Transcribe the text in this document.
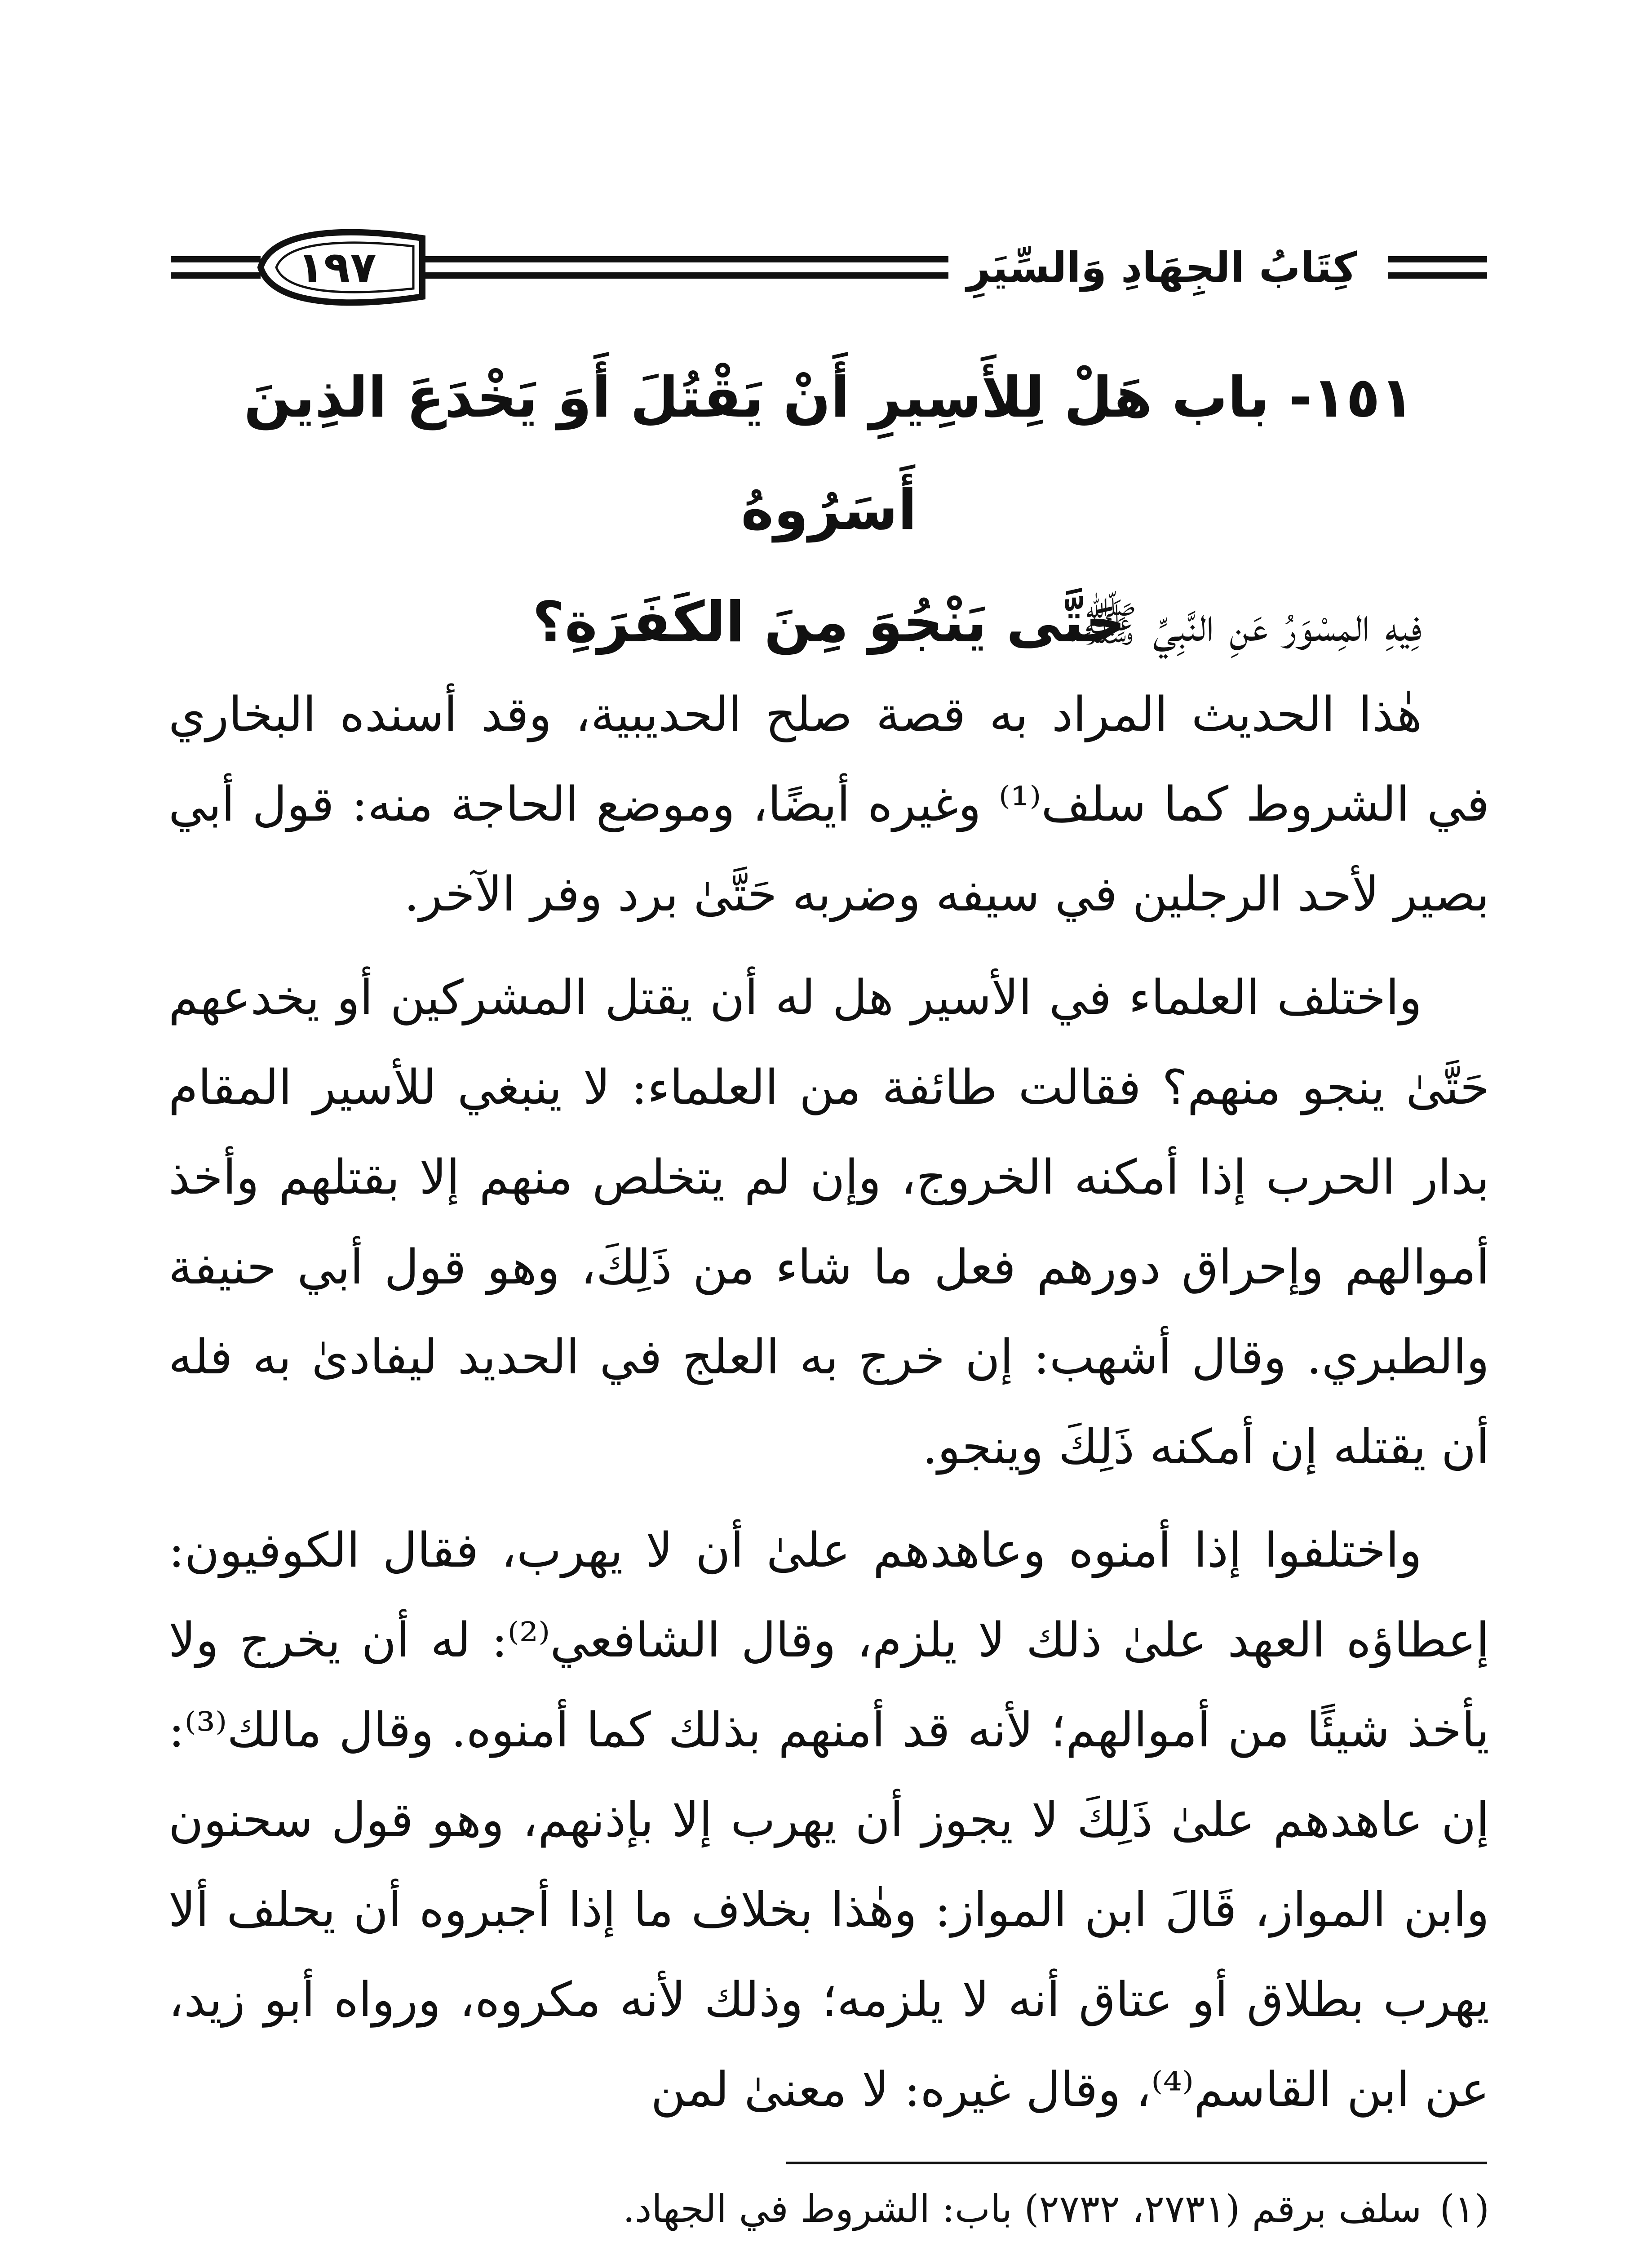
١٩٧	كِتَابُ الجِهَادِ وَالسِّيَرِ
١٥١- باب هَلْ لِلأَسِيرِ أَنْ يَقْتُلَ أَوَ يَخْدَعَ الذِينَ أَسَرُوهُ
حَتَّى يَنْجُوَ مِنَ الكَفَرَةِ؟

فِيهِ المِسْوَرُ عَنِ النَّبِيِّ ﷺ.

هٰذا الحديث المراد به قصة صلح الحديبية، وقد أسنده البخاري في الشروط كما سلف⁽¹⁾ وغيره أيضًا، وموضع الحاجة منه: قول أبي بصير لأحد الرجلين في سيفه وضربه حَتَّىٰ برد وفر الآخر.

واختلف العلماء في الأسير هل له أن يقتل المشركين أو يخدعهم حَتَّىٰ ينجو منهم؟ فقالت طائفة من العلماء: لا ينبغي للأسير المقام بدار الحرب إذا أمكنه الخروج، وإن لم يتخلص منهم إلا بقتلهم وأخذ أموالهم وإحراق دورهم فعل ما شاء من ذَلِكَ، وهو قول أبي حنيفة والطبري. وقال أشهب: إن خرج به العلج في الحديد ليفادىٰ به فله أن يقتله إن أمكنه ذَلِكَ وينجو.

واختلفوا إذا أمنوه وعاهدهم علىٰ أن لا يهرب، فقال الكوفيون: إعطاؤه العهد علىٰ ذلك لا يلزم، وقال الشافعي⁽²⁾: له أن يخرج ولا يأخذ شيئًا من أموالهم؛ لأنه قد أمنهم بذلك كما أمنوه. وقال مالك⁽³⁾: إن عاهدهم علىٰ ذَلِكَ لا يجوز أن يهرب إلا بإذنهم، وهو قول سحنون وابن المواز، قَالَ ابن المواز: وهٰذا بخلاف ما إذا أجبروه أن يحلف ألا يهرب بطلاق أو عتاق أنه لا يلزمه؛ وذلك لأنه مكروه، ورواه أبو زيد، عن ابن القاسم⁽⁴⁾، وقال غيره: لا معنىٰ لمن

(١)سلف برقم (٢٧٣١، ٢٧٣٢) باب: الشروط في الجهاد.
